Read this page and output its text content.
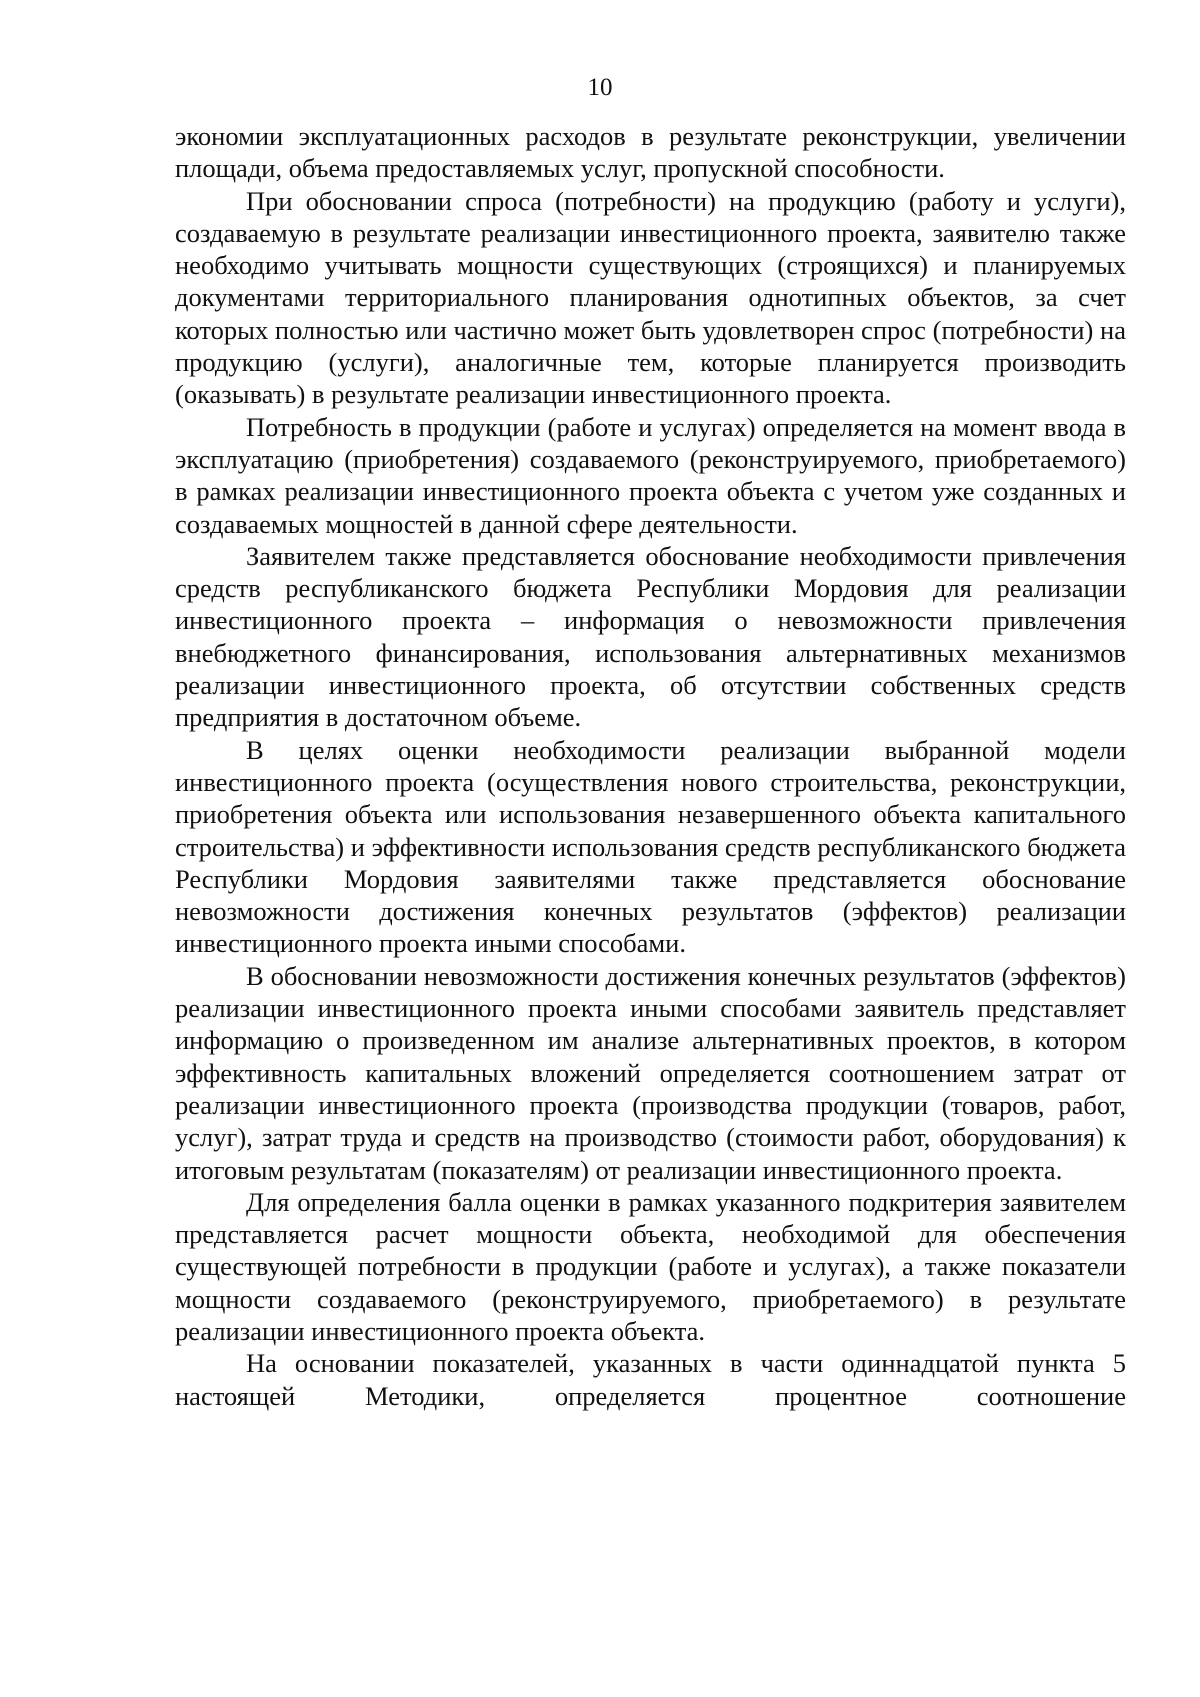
10

экономии эксплуатационных расходов в результате реконструкции, увеличении площади, объема предоставляемых услуг, пропускной способности.

При обосновании спроса (потребности) на продукцию (работу и услуги), создаваемую в результате реализации инвестиционного проекта, заявителю также необходимо учитывать мощности существующих (строящихся) и планируемых документами территориального планирования однотипных объектов, за счет которых полностью или частично может быть удовлетворен спрос (потребности) на продукцию (услуги), аналогичные тем, которые планируется производить (оказывать) в результате реализации инвестиционного проекта.

Потребность в продукции (работе и услугах) определяется на момент ввода в эксплуатацию (приобретения) создаваемого (реконструируемого, приобретаемого) в рамках реализации инвестиционного проекта объекта с учетом уже созданных и создаваемых мощностей в данной сфере деятельности.

Заявителем также представляется обоснование необходимости привлечения средств республиканского бюджета Республики Мордовия для реализации инвестиционного проекта – информация о невозможности привлечения внебюджетного финансирования, использования альтернативных механизмов реализации инвестиционного проекта, об отсутствии собственных средств предприятия в достаточном объеме.

В целях оценки необходимости реализации выбранной модели инвестиционного проекта (осуществления нового строительства, реконструкции, приобретения объекта или использования незавершенного объекта капитального строительства) и эффективности использования средств республиканского бюджета Республики Мордовия заявителями также представляется обоснование невозможности достижения конечных результатов (эффектов) реализации инвестиционного проекта иными способами.

В обосновании невозможности достижения конечных результатов (эффектов) реализации инвестиционного проекта иными способами заявитель представляет информацию о произведенном им анализе альтернативных проектов, в котором эффективность капитальных вложений определяется соотношением затрат от реализации инвестиционного проекта (производства продукции (товаров, работ, услуг), затрат труда и средств на производство (стоимости работ, оборудования) к итоговым результатам (показателям) от реализации инвестиционного проекта.

Для определения балла оценки в рамках указанного подкритерия заявителем представляется расчет мощности объекта, необходимой для обеспечения существующей потребности в продукции (работе и услугах), а также показатели мощности создаваемого (реконструируемого, приобретаемого) в результате реализации инвестиционного проекта объекта.

На основании показателей, указанных в части одиннадцатой пункта 5 настоящей Методики, определяется процентное соотношение
